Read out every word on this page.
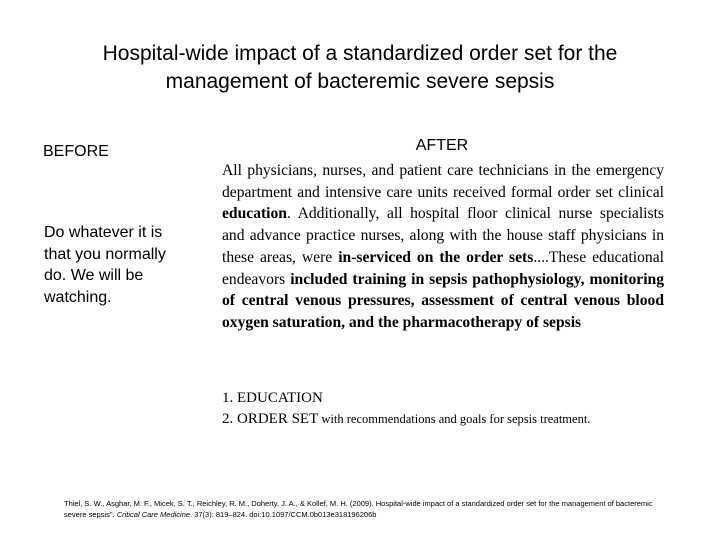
Hospital-wide impact of a standardized order set for the management of bacteremic severe sepsis
BEFORE
Do whatever it is that you normally do. We will be watching.
AFTER
All physicians, nurses, and patient care technicians in the emergency department and intensive care units received formal order set clinical education. Additionally, all hospital floor clinical nurse specialists and advance practice nurses, along with the house staff physicians in these areas, were in-serviced on the order sets....These educational endeavors included training in sepsis pathophysiology, monitoring of central venous pressures, assessment of central venous blood oxygen saturation, and the pharmacotherapy of sepsis
1. EDUCATION
2. ORDER SET with recommendations and goals for sepsis treatment.
Thiel, S. W., Asghar, M. F., Micek, S. T., Reichley, R. M., Doherty, J. A., & Kollef, M. H. (2009). Hospital-wide impact of a standardized order set for the management of bacteremic severe sepsis". Critical Care Medicine. 37(3): 819–824. doi:10.1097/CCM.0b013e318196206b
